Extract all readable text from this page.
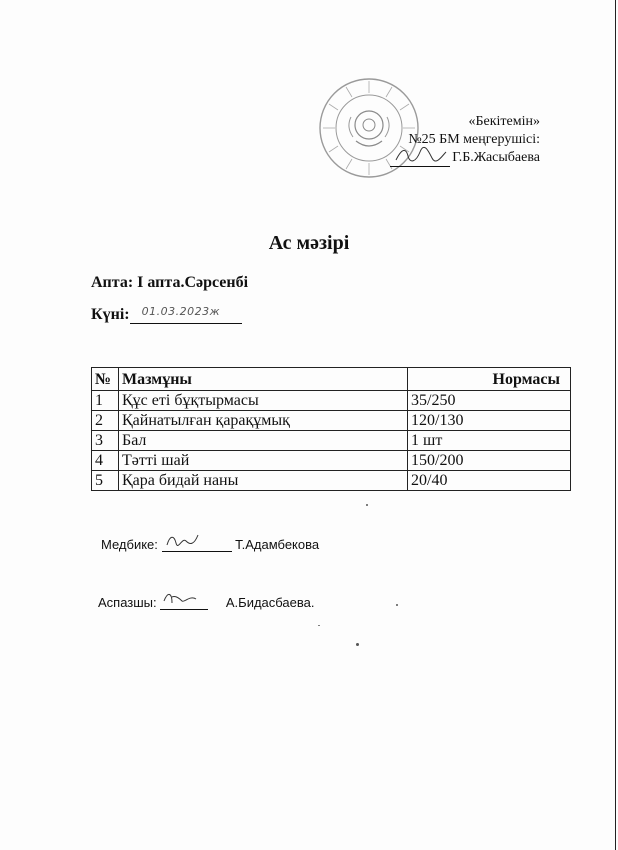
«Бекітемін»
№25 БМ меңгерушісі:
Г.Б.Жасыбаева
Ас мәзірі
Апта: I апта.Сәрсенбі
Күні: 01.03.2023ж
№	Мазмұны	Нормасы
1	Құс еті бұқтырмасы	35/250
2	Қайнатылған қарақұмық	120/130
3	Бал	1 шт
4	Тәтті шай	150/200
5	Қара бидай наны	20/40
Медбике:	Т.Адамбекова
Аспазшы:	А.Бидасбаева.
